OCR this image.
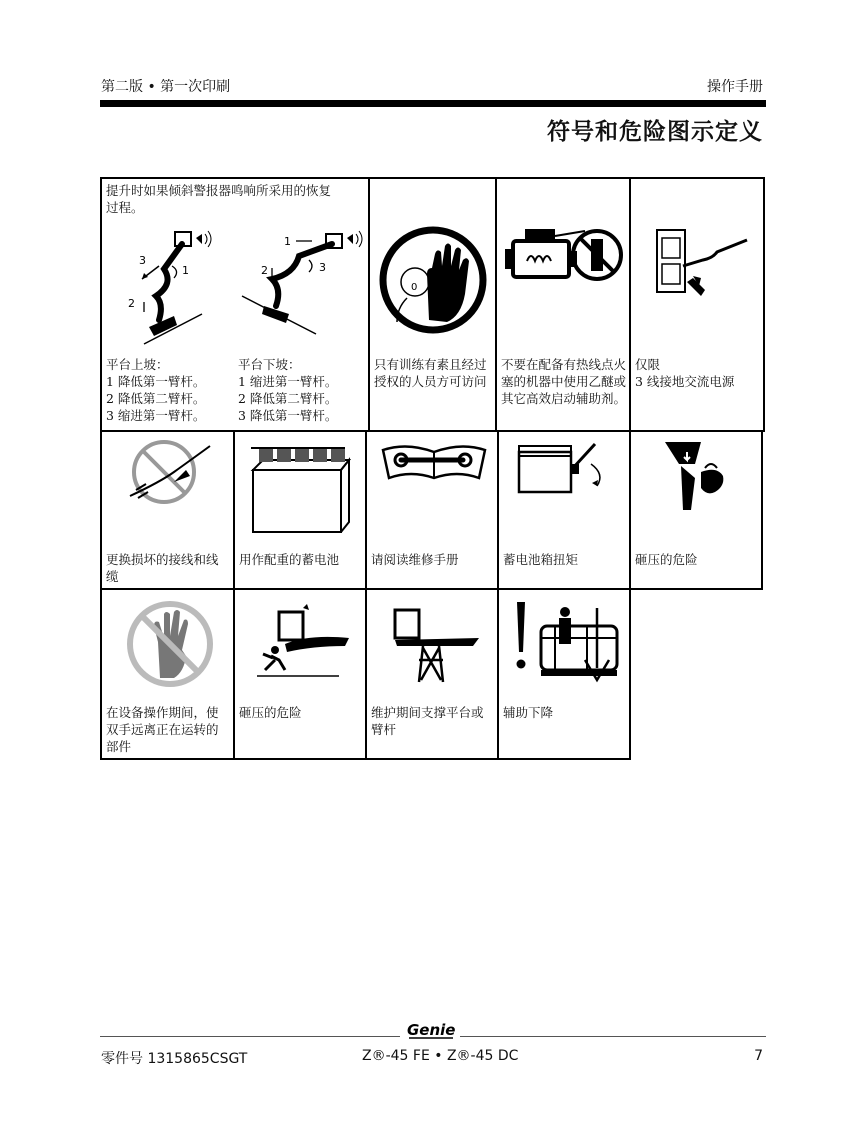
第二版 • 第一次印刷	操作手册
符号和危险图示定义
提升时如果倾斜警报器鸣响所采用的恢复过程。
3
1
2
1
2	3
平台上坡：
1 降低第一臂杆。
2 降低第二臂杆。
3 缩进第一臂杆。
平台下坡：
1 缩进第一臂杆。
2 降低第二臂杆。
3 降低第一臂杆。
0
只有训练有素且经过授权的人员方可访问
不要在配备有热线点火塞的机器中使用乙醚或其它高效启动辅助剂。
仅限
3 线接地交流电源
更换损坏的接线和线缆
用作配重的蓄电池	请阅读维修手册	蓄电池箱扭矩	砸压的危险
在设备操作期间，使双手远离正在运转的部件
砸压的危险	维护期间支撑平台或臂杆
辅助下降
Genie
零件号 1315865CSGT	Z®-45 FE • Z®-45 DC	7
